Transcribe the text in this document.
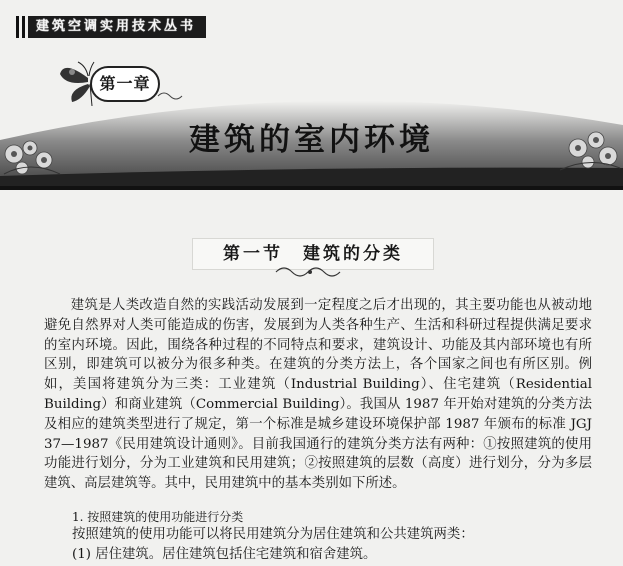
建筑空调实用技术丛书
第一章
建筑的室内环境

第一节　建筑的分类

建筑是人类改造自然的实践活动发展到一定程度之后才出现的，其主要功能也从被动地避免自然界对人类可能造成的伤害，发展到为人类各种生产、生活和科研过程提供满足要求的室内环境。因此，围绕各种过程的不同特点和要求，建筑设计、功能及其内部环境也有所区别，即建筑可以被分为很多种类。在建筑的分类方法上，各个国家之间也有所区别。例如，美国将建筑分为三类：工业建筑（Industrial Building）、住宅建筑（Residential Building）和商业建筑（Commercial Building）。我国从 1987 年开始对建筑的分类方法及相应的建筑类型进行了规定，第一个标准是城乡建设环境保护部 1987 年颁布的标准 JGJ 37—1987《民用建筑设计通则》。目前我国通行的建筑分类方法有两种：①按照建筑的使用功能进行划分，分为工业建筑和民用建筑；②按照建筑的层数（高度）进行划分，分为多层建筑、高层建筑等。其中，民用建筑中的基本类别如下所述。

1. 按照建筑的使用功能进行分类
按照建筑的使用功能可以将民用建筑分为居住建筑和公共建筑两类：
(1) 居住建筑。居住建筑包括住宅建筑和宿舍建筑。
